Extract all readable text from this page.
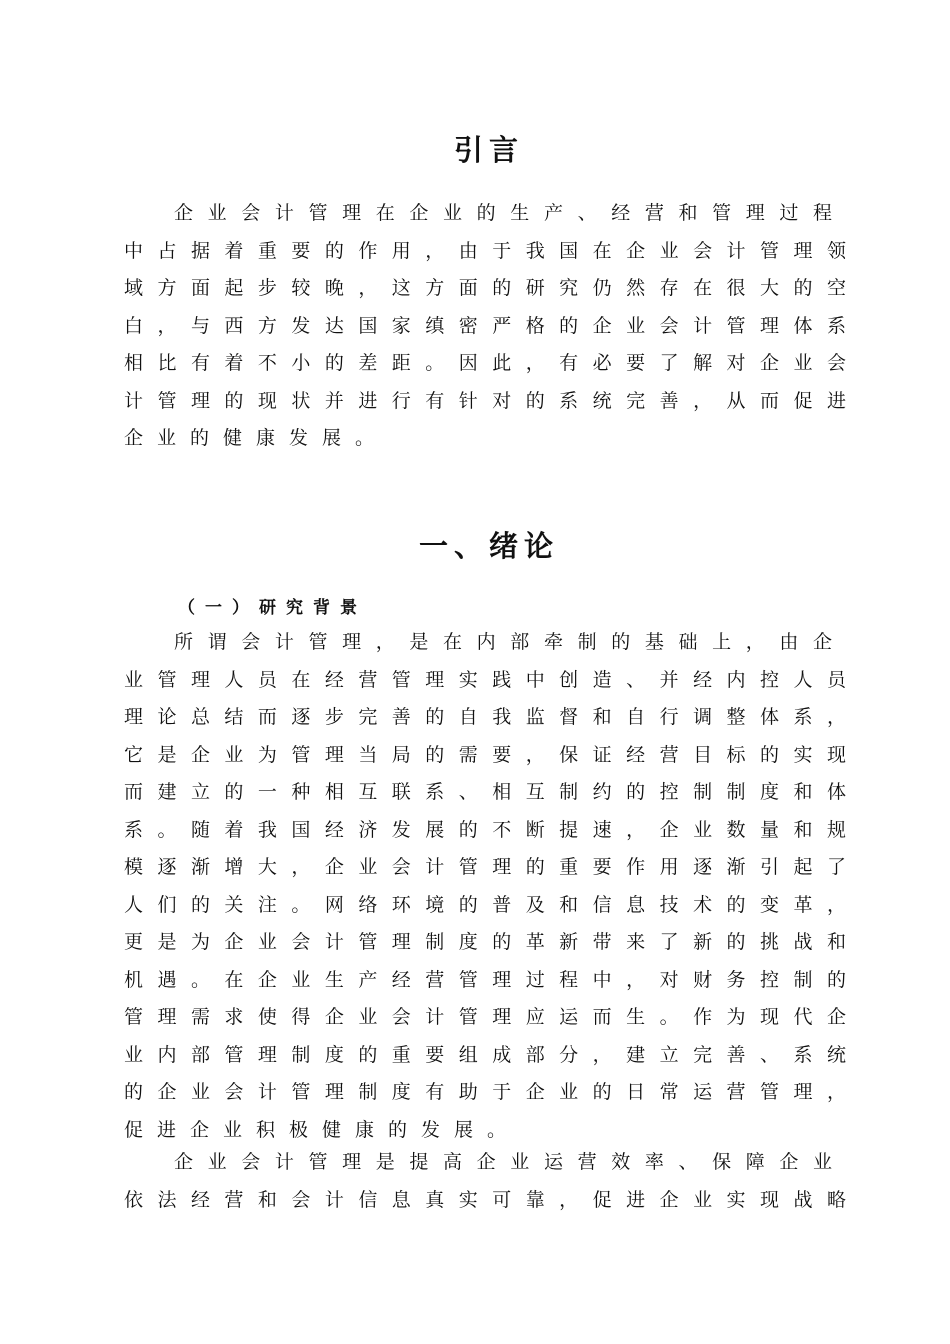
引言
企业会计管理在企业的生产、经营和管理过程
中占据着重要的作用，由于我国在企业会计管理领
域方面起步较晚，这方面的研究仍然存在很大的空
白，与西方发达国家缜密严格的企业会计管理体系
相比有着不小的差距。因此，有必要了解对企业会
计管理的现状并进行有针对的系统完善，从而促进
企业的健康发展。
一、绪论
（一）研究背景
所谓会计管理，是在内部牵制的基础上，由企
业管理人员在经营管理实践中创造、并经内控人员
理论总结而逐步完善的自我监督和自行调整体系，
它是企业为管理当局的需要，保证经营目标的实现
而建立的一种相互联系、相互制约的控制制度和体
系。随着我国经济发展的不断提速，企业数量和规
模逐渐增大，企业会计管理的重要作用逐渐引起了
人们的关注。网络环境的普及和信息技术的变革，
更是为企业会计管理制度的革新带来了新的挑战和
机遇。在企业生产经营管理过程中，对财务控制的
管理需求使得企业会计管理应运而生。作为现代企
业内部管理制度的重要组成部分，建立完善、系统
的企业会计管理制度有助于企业的日常运营管理，
促进企业积极健康的发展。
企业会计管理是提高企业运营效率、保障企业
依法经营和会计信息真实可靠，促进企业实现战略
